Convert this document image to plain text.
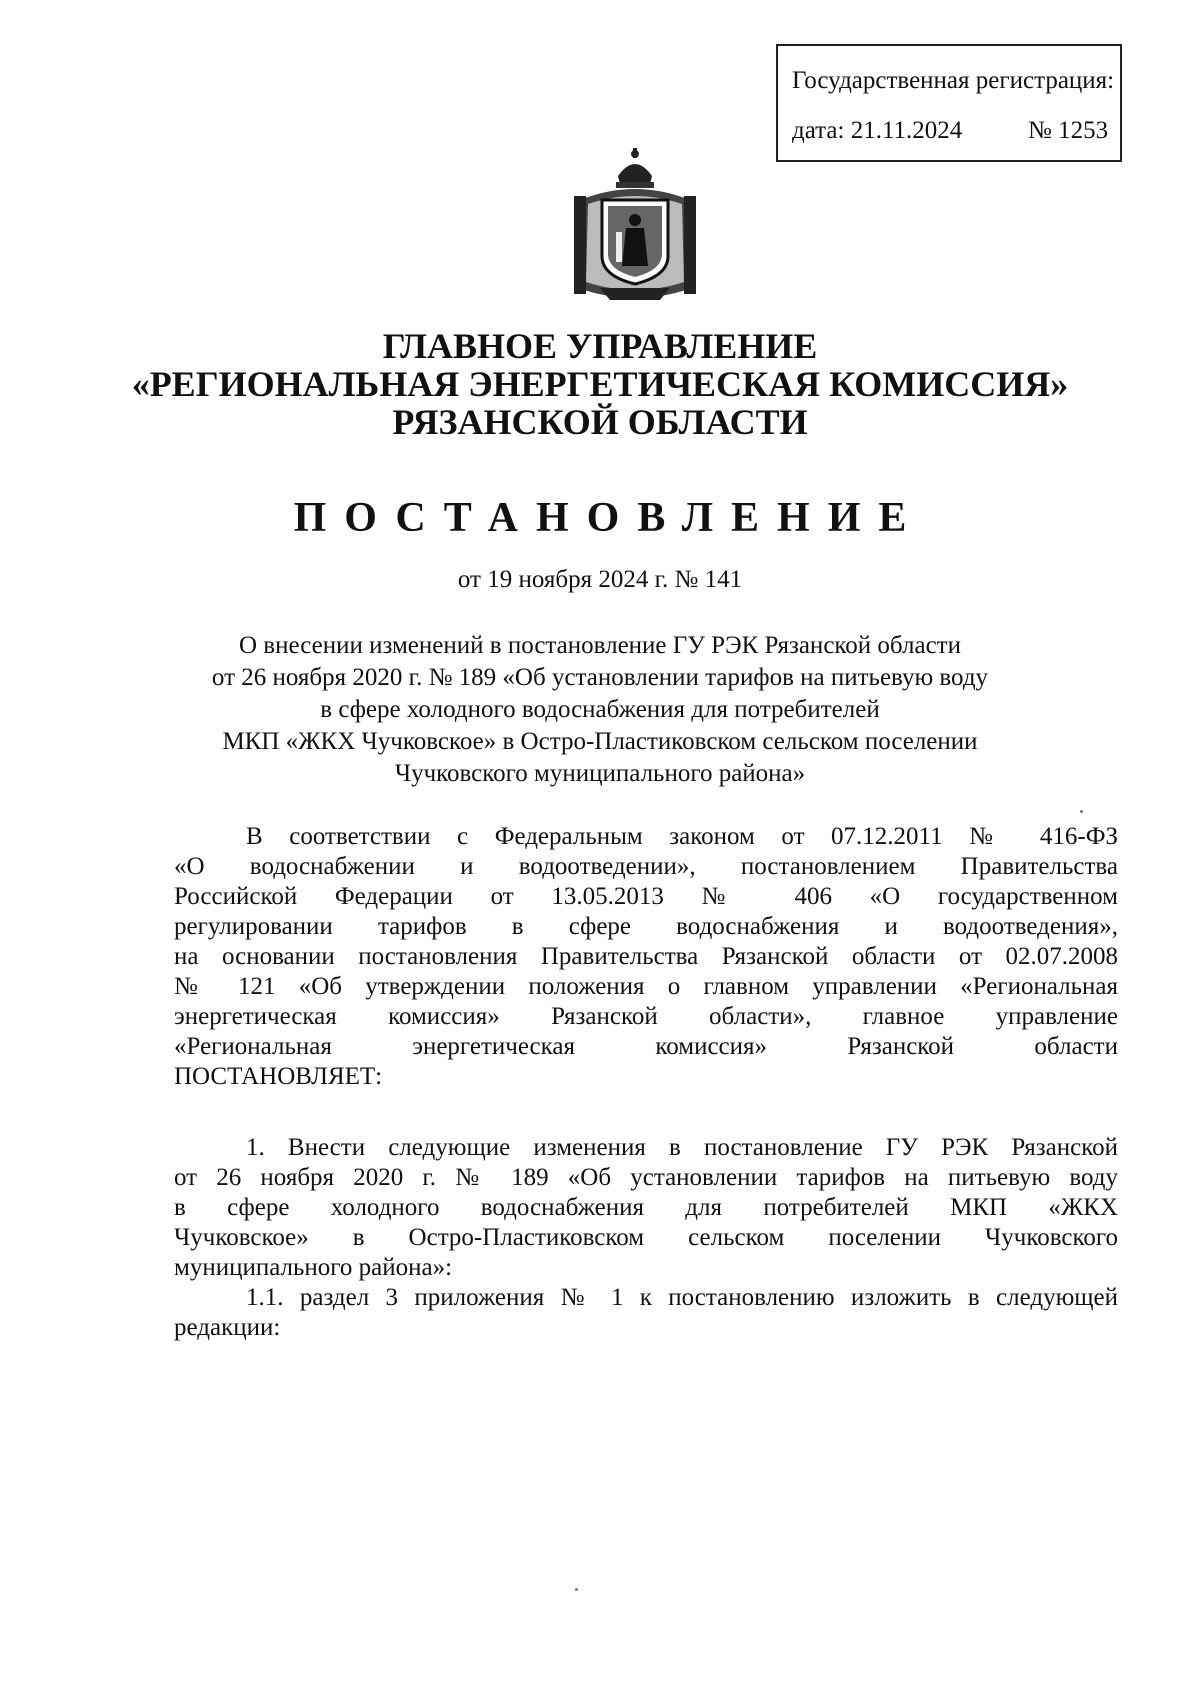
Государственная регистрация:
дата: 21.11.2024	№ 1253
ГЛАВНОЕ УПРАВЛЕНИЕ
«РЕГИОНАЛЬНАЯ ЭНЕРГЕТИЧЕСКАЯ КОМИССИЯ»
РЯЗАНСКОЙ ОБЛАСТИ
ПОСТАНОВЛЕНИЕ
от 19 ноября 2024 г. № 141
О внесении изменений в постановление ГУ РЭК Рязанской области
от 26 ноября 2020 г. № 189 «Об установлении тарифов на питьевую воду
в сфере холодного водоснабжения для потребителей
МКП «ЖКХ Чучковское» в Остро-Пластиковском сельском поселении
Чучковского муниципального района»
В соответствии с Федеральным законом от 07.12.2011 № 416-ФЗ
«О водоснабжении и водоотведении», постановлением Правительства
Российской Федерации от 13.05.2013 № 406 «О государственном
регулировании тарифов в сфере водоснабжения и водоотведения»,
на основании постановления Правительства Рязанской области от 02.07.2008
№ 121 «Об утверждении положения о главном управлении «Региональная
энергетическая комиссия» Рязанской области», главное управление
«Региональная энергетическая комиссия» Рязанской области
ПОСТАНОВЛЯЕТ:
1. Внести следующие изменения в постановление ГУ РЭК Рязанской
от 26 ноября 2020 г. № 189 «Об установлении тарифов на питьевую воду
в сфере холодного водоснабжения для потребителей МКП «ЖКХ
Чучковское» в Остро-Пластиковском сельском поселении Чучковского
муниципального района»:
1.1. раздел 3 приложения № 1 к постановлению изложить в следующей
редакции:
